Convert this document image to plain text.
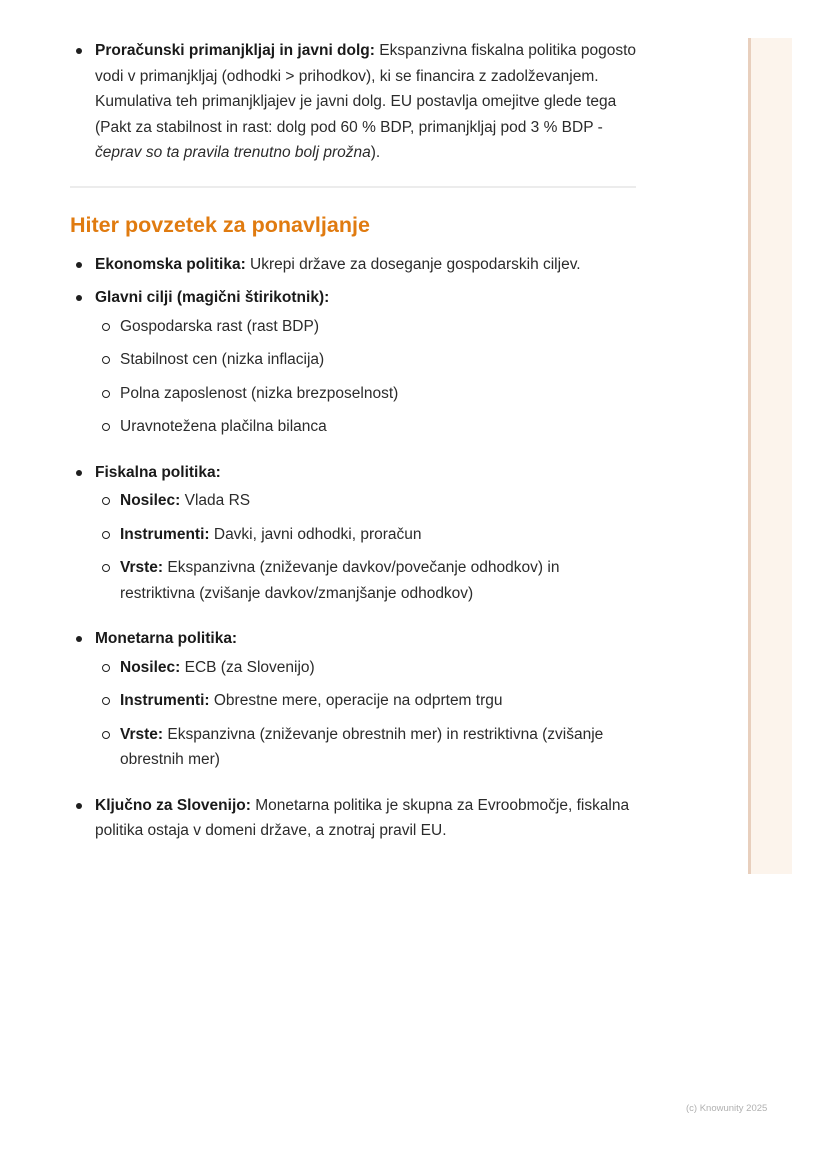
Proračunski primanjkljaj in javni dolg: Ekspanzivna fiskalna politika pogosto vodi v primanjkljaj (odhodki > prihodkov), ki se financira z zadolževanjem. Kumulativa teh primanjkljajev je javni dolg. EU postavlja omejitve glede tega (Pakt za stabilnost in rast: dolg pod 60 % BDP, primanjkljaj pod 3 % BDP - čeprav so ta pravila trenutno bolj prožna).
Hiter povzetek za ponavljanje
Ekonomska politika: Ukrepi države za doseganje gospodarskih ciljev.
Glavni cilji (magični štirikotnik):
Gospodarska rast (rast BDP)
Stabilnost cen (nizka inflacija)
Polna zaposlenost (nizka brezposelnost)
Uravnotežena plačilna bilanca
Fiskalna politika:
Nosilec: Vlada RS
Instrumenti: Davki, javni odhodki, proračun
Vrste: Ekspanzivna (zniževanje davkov/povečanje odhodkov) in restriktivna (zvišanje davkov/zmanjšanje odhodkov)
Monetarna politika:
Nosilec: ECB (za Slovenijo)
Instrumenti: Obrestne mere, operacije na odprtem trgu
Vrste: Ekspanzivna (zniževanje obrestnih mer) in restriktivna (zvišanje obrestnih mer)
Ključno za Slovenijo: Monetarna politika je skupna za Evroobmočje, fiskalna politika ostaja v domeni države, a znotraj pravil EU.
(c) Knowunity 2025
